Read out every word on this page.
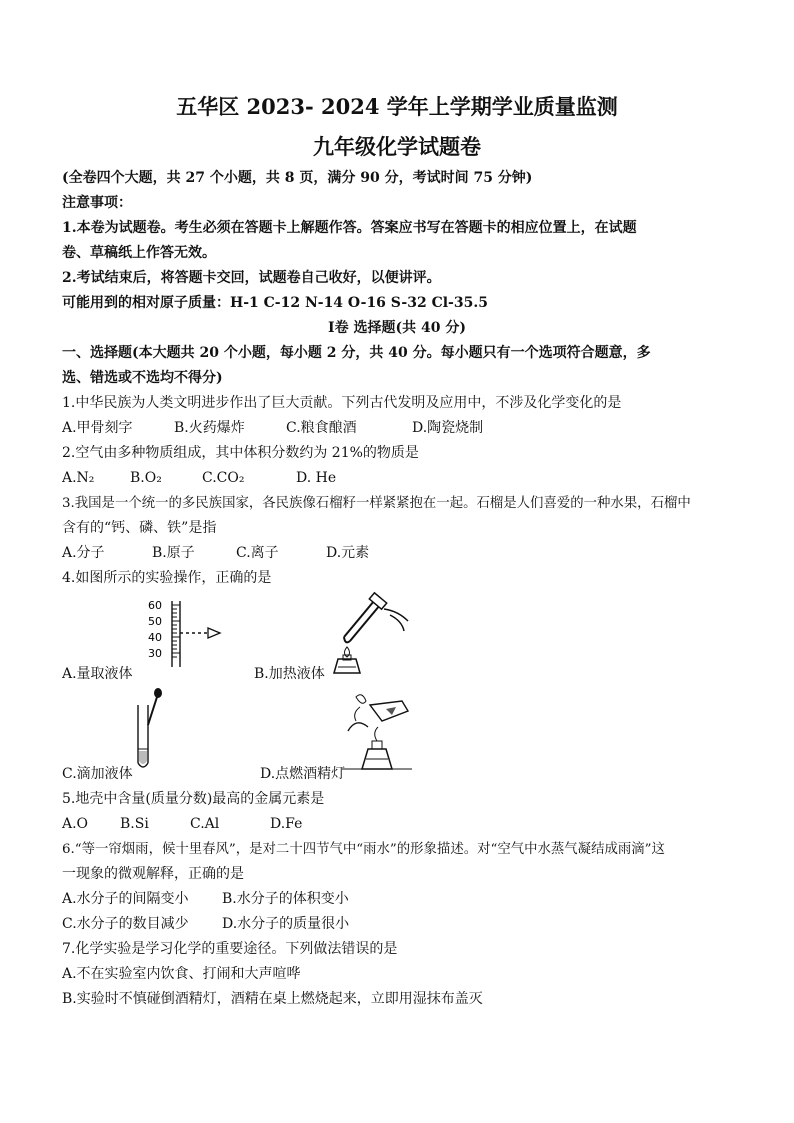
五华区 2023- 2024 学年上学期学业质量监测
九年级化学试题卷
(全卷四个大题，共 27 个小题，共 8 页，满分 90 分，考试时间 75 分钟)
注意事项：
1.本卷为试题卷。考生必须在答题卡上解题作答。答案应书写在答题卡的相应位置上，在试题
卷、草稿纸上作答无效。
2.考试结束后，将答题卡交回，试题卷自己收好，以便讲评。
可能用到的相对原子质量：H-1 C-12 N-14 O-16 S-32 Cl-35.5
Ⅰ卷 选择题(共 40 分)
一、选择题(本大题共 20 个小题，每小题 2 分，共 40 分。每小题只有一个选项符合题意，多
选、错选或不选均不得分)
1.中华民族为人类文明进步作出了巨大贡献。下列古代发明及应用中，不涉及化学变化的是
A.甲骨刻字	B.火药爆炸	C.粮食酿酒	D.陶瓷烧制
2.空气由多种物质组成，其中体积分数约为 21%的物质是
A.N₂	B.O₂	C.CO₂	D. He
3.我国是一个统一的多民族国家，各民族像石榴籽一样紧紧抱在一起。石榴是人们喜爱的一种水果，石榴中
含有的“钙、磷、铁”是指
A.分子	B.原子	C.离子	D.元素
4.如图所示的实验操作，正确的是
A.量取液体
60
50
40
30
B.加热液体
C.滴加液体	D.点燃酒精灯
5.地壳中含量(质量分数)最高的金属元素是
A.O	B.Si	C.Al	D.Fe
6.“等一帘烟雨，候十里春风”，是对二十四节气中“雨水”的形象描述。对“空气中水蒸气凝结成雨滴”这
一现象的微观解释，正确的是
A.水分子的间隔变小	B.水分子的体积变小
C.水分子的数目减少	D.水分子的质量很小
7.化学实验是学习化学的重要途径。下列做法错误的是
A.不在实验室内饮食、打闹和大声喧哗
B.实验时不慎碰倒酒精灯，酒精在桌上燃烧起来，立即用湿抹布盖灭
